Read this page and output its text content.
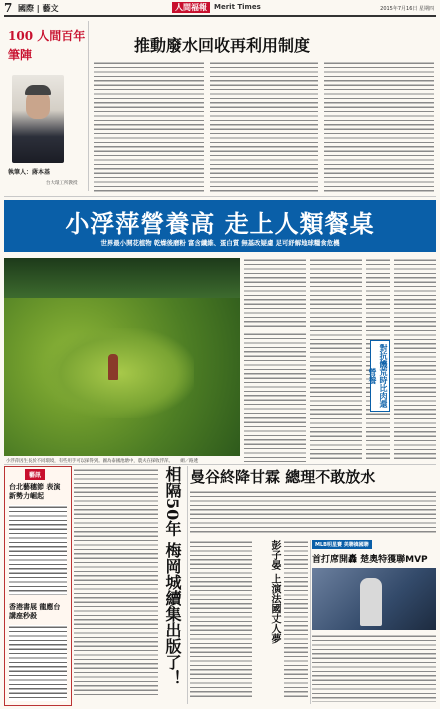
7 國際 | 藝文	人間福報	Merit Times	2015年7月16日 星期四
100 人間百年筆陣
執筆人：蔣本基
台大環工所教授
推動廢水回收再利用制度
小浮萍營養高 走上人類餐桌
世界最小開花植物 乾燥後磨粉 富含纖維、蛋白質 無基改疑慮 足可紓解地球糧食危機
小浮萍因生長於不同環境，有些用手可以採得到。圖為泰國池塘中，農夫在採收浮萍。 網／路透
對抗饑荒時比肉還營養
藝訊
台北藝穗節 表演新勢力崛起
香港書展 龍應台講座秒殺	相隔50年 梅岡城續集出版了！ 曼谷終降甘霖 總理不敢放水
彭子晏 上演法國丈人夢	MLB明星賽 美聯擒國聯
首打席開轟 楚奧特獲聯MVP
